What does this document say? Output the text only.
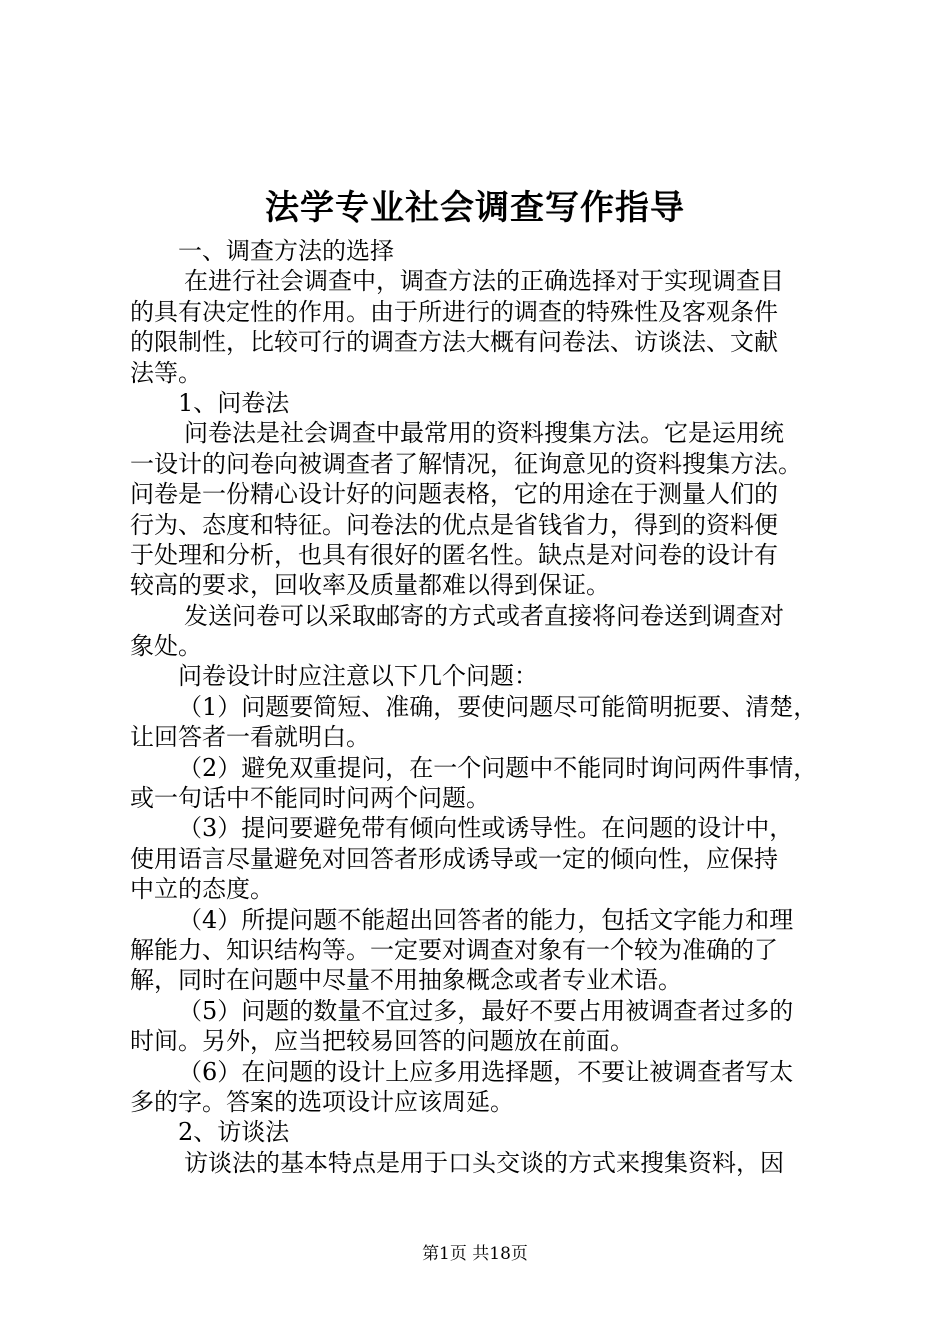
法学专业社会调查写作指导
一、调查方法的选择
在进行社会调查中，调查方法的正确选择对于实现调查目
的具有决定性的作用。由于所进行的调查的特殊性及客观条件
的限制性，比较可行的调查方法大概有问卷法、访谈法、文献
法等。
1、问卷法
问卷法是社会调查中最常用的资料搜集方法。它是运用统
一设计的问卷向被调查者了解情况，征询意见的资料搜集方法。
问卷是一份精心设计好的问题表格，它的用途在于测量人们的
行为、态度和特征。问卷法的优点是省钱省力，得到的资料便
于处理和分析，也具有很好的匿名性。缺点是对问卷的设计有
较高的要求，回收率及质量都难以得到保证。
发送问卷可以采取邮寄的方式或者直接将问卷送到调查对
象处。
问卷设计时应注意以下几个问题：
（1）问题要简短、准确，要使问题尽可能简明扼要、清楚，
让回答者一看就明白。
（2）避免双重提问，在一个问题中不能同时询问两件事情，
或一句话中不能同时问两个问题。
（3）提问要避免带有倾向性或诱导性。在问题的设计中，
使用语言尽量避免对回答者形成诱导或一定的倾向性，应保持
中立的态度。
（4）所提问题不能超出回答者的能力，包括文字能力和理
解能力、知识结构等。一定要对调查对象有一个较为准确的了
解，同时在问题中尽量不用抽象概念或者专业术语。
（5）问题的数量不宜过多，最好不要占用被调查者过多的
时间。另外，应当把较易回答的问题放在前面。
（6）在问题的设计上应多用选择题，不要让被调查者写太
多的字。答案的选项设计应该周延。
2、访谈法
访谈法的基本特点是用于口头交谈的方式来搜集资料，因
第1页 共18页
